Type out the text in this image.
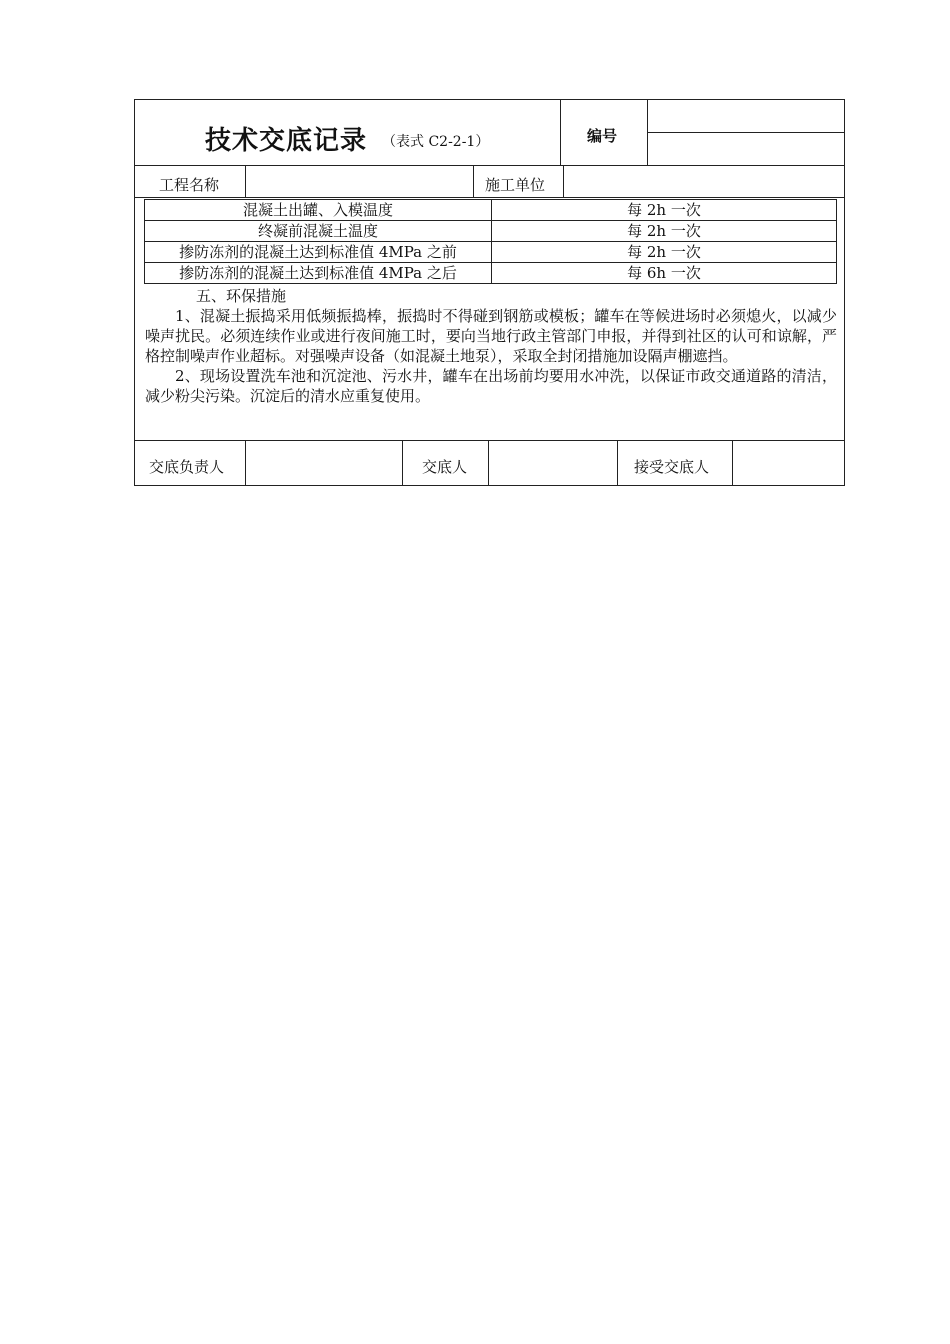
技术交底记录 （表式 C2-2-1）	编号
工程名称	施工单位
混凝土出罐、入模温度	每 2h 一次
终凝前混凝土温度	每 2h 一次
掺防冻剂的混凝土达到标准值 4MPa 之前	每 2h 一次
掺防冻剂的混凝土达到标准值 4MPa 之后	每 6h 一次

五、环保措施

1、混凝土振捣采用低频振捣棒，振捣时不得碰到钢筋或模板；罐车在等候进场时必须熄火，以减少噪声扰民。必须连续作业或进行夜间施工时，要向当地行政主管部门申报，并得到社区的认可和谅解，严格控制噪声作业超标。对强噪声设备（如混凝土地泵），采取全封闭措施加设隔声棚遮挡。

2、现场设置洗车池和沉淀池、污水井，罐车在出场前均要用水冲洗，以保证市政交通道路的清洁，减少粉尖污染。沉淀后的清水应重复使用。

交底负责人	交底人	接受交底人
